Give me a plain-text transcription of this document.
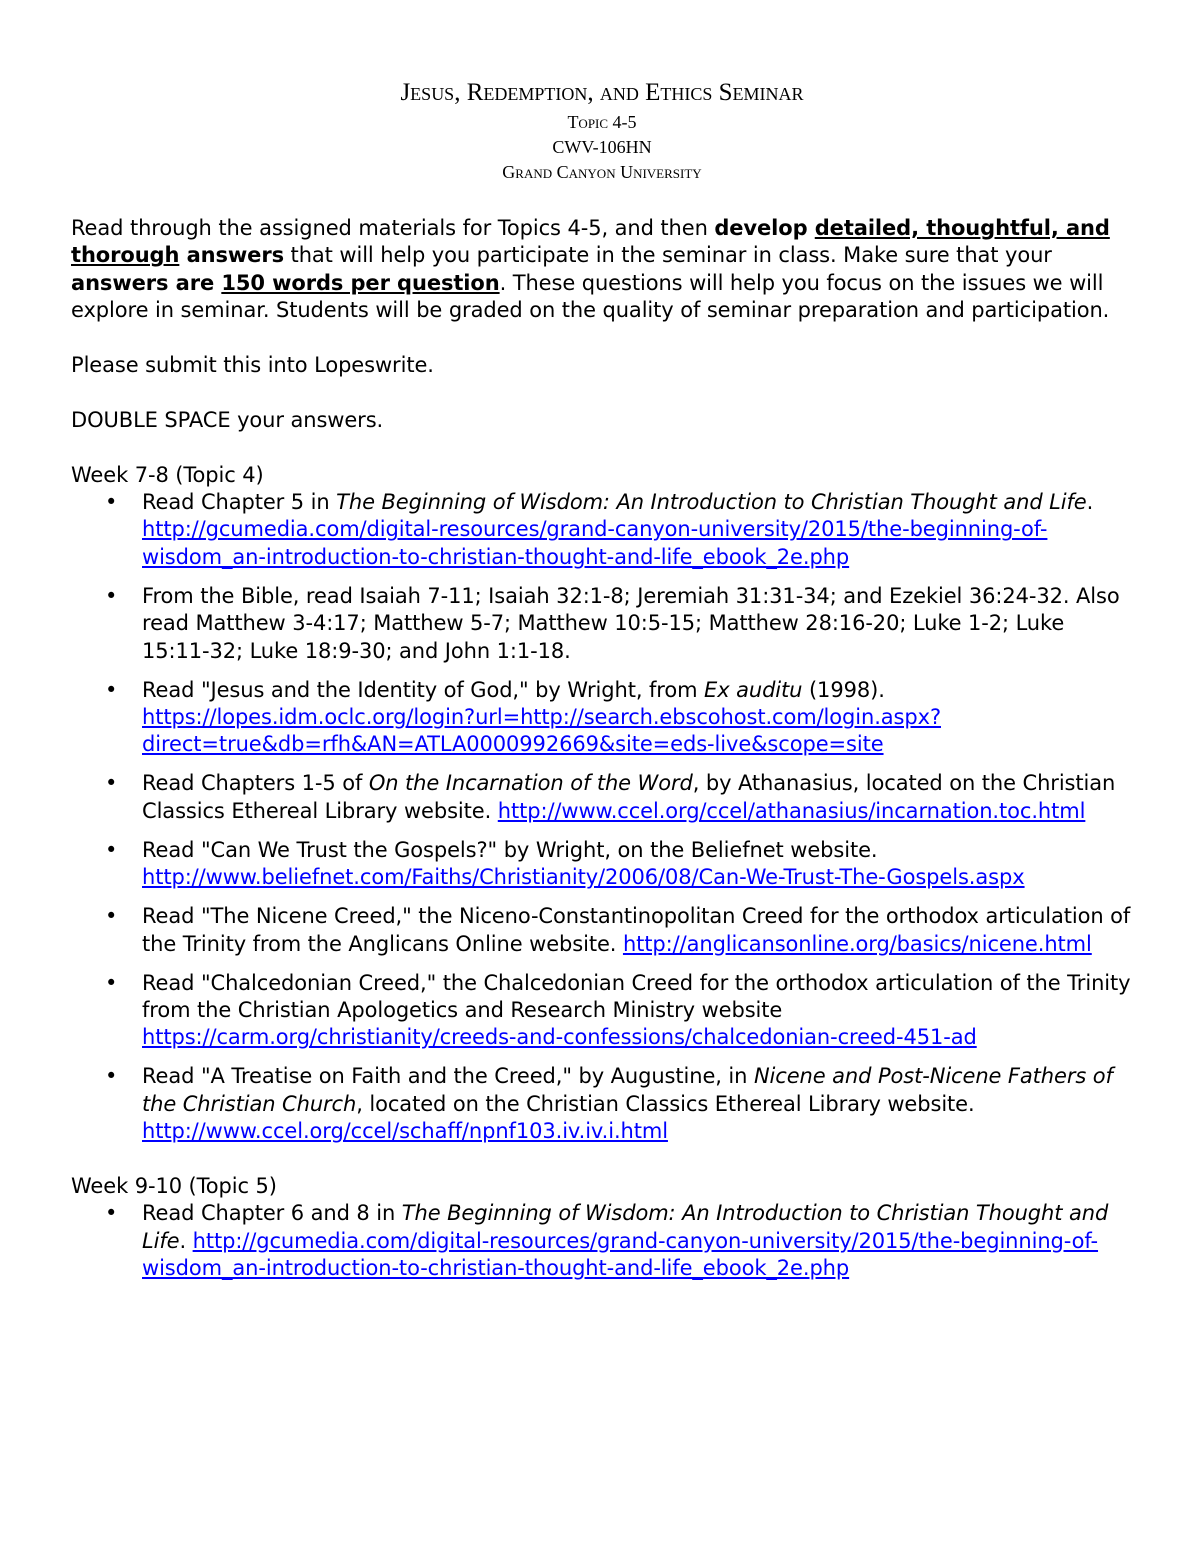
Jesus, Redemption, and Ethics Seminar

Topic 4-5

CWV-106HN

Grand Canyon University

Read through the assigned materials for Topics 4-5, and then develop detailed, thoughtful, and thorough answers that will help you participate in the seminar in class. Make sure that your answers are 150 words per question. These questions will help you focus on the issues we will explore in seminar. Students will be graded on the quality of seminar preparation and participation.

Please submit this into Lopeswrite.

DOUBLE SPACE your answers.

Week 7-8 (Topic 4)

• Read Chapter 5 in The Beginning of Wisdom: An Introduction to Christian Thought and Life. http://gcumedia.com/digital-resources/grand-canyon-university/2015/the-beginning-of-wisdom_an-introduction-to-christian-thought-and-life_ebook_2e.php
• From the Bible, read Isaiah 7-11; Isaiah 32:1-8; Jeremiah 31:31-34; and Ezekiel 36:24-32. Also read Matthew 3-4:17; Matthew 5-7; Matthew 10:5-15; Matthew 28:16-20; Luke 1-2; Luke 15:11-32; Luke 18:9-30; and John 1:1-18.
• Read "Jesus and the Identity of God," by Wright, from Ex auditu (1998). https://lopes.idm.oclc.org/login?url=http://search.ebscohost.com/login.aspx?direct=true&db=rfh&AN=ATLA0000992669&site=eds-live&scope=site
• Read Chapters 1-5 of On the Incarnation of the Word, by Athanasius, located on the Christian Classics Ethereal Library website. http://www.ccel.org/ccel/athanasius/incarnation.toc.html
• Read "Can We Trust the Gospels?" by Wright, on the Beliefnet website. http://www.beliefnet.com/Faiths/Christianity/2006/08/Can-We-Trust-The-Gospels.aspx
• Read "The Nicene Creed," the Niceno-Constantinopolitan Creed for the orthodox articulation of the Trinity from the Anglicans Online website. http://anglicansonline.org/basics/nicene.html
• Read "Chalcedonian Creed," the Chalcedonian Creed for the orthodox articulation of the Trinity from the Christian Apologetics and Research Ministry website https://carm.org/christianity/creeds-and-confessions/chalcedonian-creed-451-ad
• Read "A Treatise on Faith and the Creed," by Augustine, in Nicene and Post-Nicene Fathers of the Christian Church, located on the Christian Classics Ethereal Library website. http://www.ccel.org/ccel/schaff/npnf103.iv.iv.i.html

Week 9-10 (Topic 5)

• Read Chapter 6 and 8 in The Beginning of Wisdom: An Introduction to Christian Thought and Life. http://gcumedia.com/digital-resources/grand-canyon-university/2015/the-beginning-of-wisdom_an-introduction-to-christian-thought-and-life_ebook_2e.php
